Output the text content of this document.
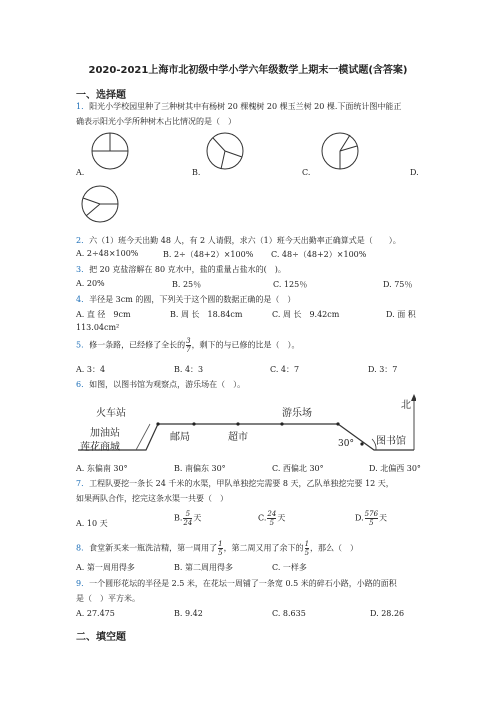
2020-2021上海市北初级中学小学六年级数学上期末一模试题(含答案)
一、选择题
1．阳光小学校园里种了三种树其中有杨树 20 棵槐树 20 棵玉兰树 20 棵.下面统计图中能正
确表示阳光小学所种树木占比情况的是（　）
A.	B.	C.	D.
2．六（1）班今天出勤 48 人，有 2 人请假，求六（1）班今天出勤率正确算式是（　　）。
A. 2÷48×100%	B. 2÷（48+2）×100% C. 48÷（48+2）×100%
3．把 20 克盐溶解在 80 克水中，盐的重量占盐水的(　)。
A. 20%	B. 25％	C. 125％	D. 75％
4．半径是 3cm 的圆，下列关于这个圆的数据正确的是（　）
A. 直 径　9cm	B. 周 长　18.84cm	C. 周 长　9.42cm	D. 面 积
113.04cm²
5．修一条路，已经修了全长的 $\frac{3}{7}$ ，剩下的与已修的比是（　）。
A. 3：4	B. 4：3	C. 4：7	D. 3：7
6．如图，以图书馆为观察点，游乐场在（　）。
火车站
加油站
莲花商城
邮局	超市
游乐场
图书馆
北
30°
A. 东偏南 30°	B. 南偏东 30°	C. 西偏北 30°	D. 北偏西 30°
7．工程队要挖一条长 24 千米的水渠，甲队单独挖完需要 8 天，乙队单独挖完要 12 天，
如果两队合作，挖完这条水渠一共要（　）
A. 10 天
B. $\frac{5}{24}$ 天	C. $\frac{24}{5}$ 天	D. $\frac{576}{5}$ 天
8．食堂新买来一瓶洗洁精，第一周用了 $\frac{1}{5}$ ，第二周又用了余下的 $\frac{1}{5}$ ，那么（　）
A. 第一周用得多	B. 第二周用得多	C. 一样多
9．一个圆形花坛的半径是 2.5 米，在花坛一周铺了一条宽 0.5 米的碎石小路，小路的面积
是（　）平方米。
A. 27.475	B. 9.42	C. 8.635	D. 28.26
二、填空题
